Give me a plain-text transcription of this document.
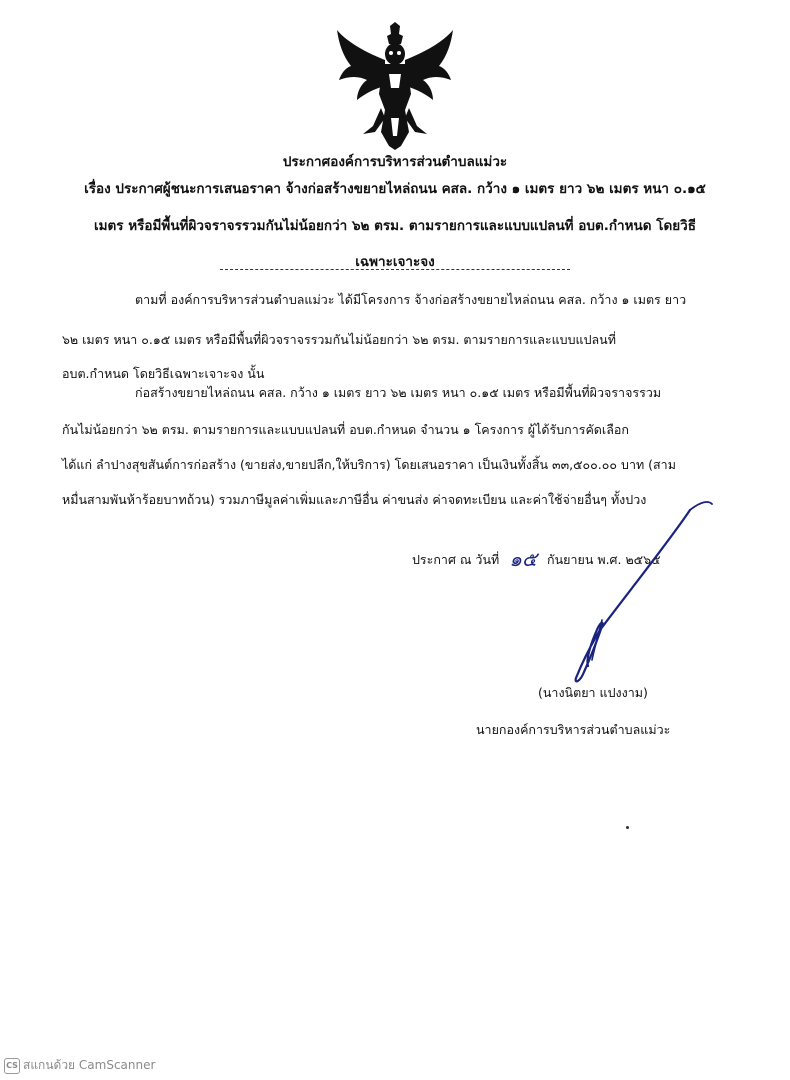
ประกาศองค์การบริหารส่วนตำบลแม่วะ
เรื่อง ประกาศผู้ชนะการเสนอราคา จ้างก่อสร้างขยายไหล่ถนน คสล. กว้าง ๑ เมตร ยาว ๖๒ เมตร หนา ๐.๑๕
เมตร หรือมีพื้นที่ผิวจราจรรวมกันไม่น้อยกว่า ๖๒ ตรม. ตามรายการและแบบแปลนที่ อบต.กำหนด โดยวิธี
เฉพาะเจาะจง
ตามที่ องค์การบริหารส่วนตำบลแม่วะ ได้มีโครงการ จ้างก่อสร้างขยายไหล่ถนน คสล. กว้าง ๑ เมตร ยาว
๖๒ เมตร หนา ๐.๑๕ เมตร หรือมีพื้นที่ผิวจราจรรวมกันไม่น้อยกว่า ๖๒ ตรม. ตามรายการและแบบแปลนที่
อบต.กำหนด โดยวิธีเฉพาะเจาะจง นั้น
ก่อสร้างขยายไหล่ถนน คสล. กว้าง ๑ เมตร ยาว ๖๒ เมตร หนา ๐.๑๕ เมตร หรือมีพื้นที่ผิวจราจรรวม
กันไม่น้อยกว่า ๖๒ ตรม. ตามรายการและแบบแปลนที่ อบต.กำหนด จำนวน ๑ โครงการ ผู้ได้รับการคัดเลือก
ได้แก่ ลำปางสุขสันต์การก่อสร้าง (ขายส่ง,ขายปลีก,ให้บริการ) โดยเสนอราคา เป็นเงินทั้งสิ้น ๓๓,๕๐๐.๐๐ บาท (สาม
หมื่นสามพันห้าร้อยบาทถ้วน) รวมภาษีมูลค่าเพิ่มและภาษีอื่น ค่าขนส่ง ค่าจดทะเบียน และค่าใช้จ่ายอื่นๆ ทั้งปวง
ประกาศ ณ วันที่ ๑๕ กันยายน พ.ศ. ๒๕๖๕
(นางนิตยา แปงงาม)
นายกองค์การบริหารส่วนตำบลแม่วะ
CS สแกนด้วย CamScanner
